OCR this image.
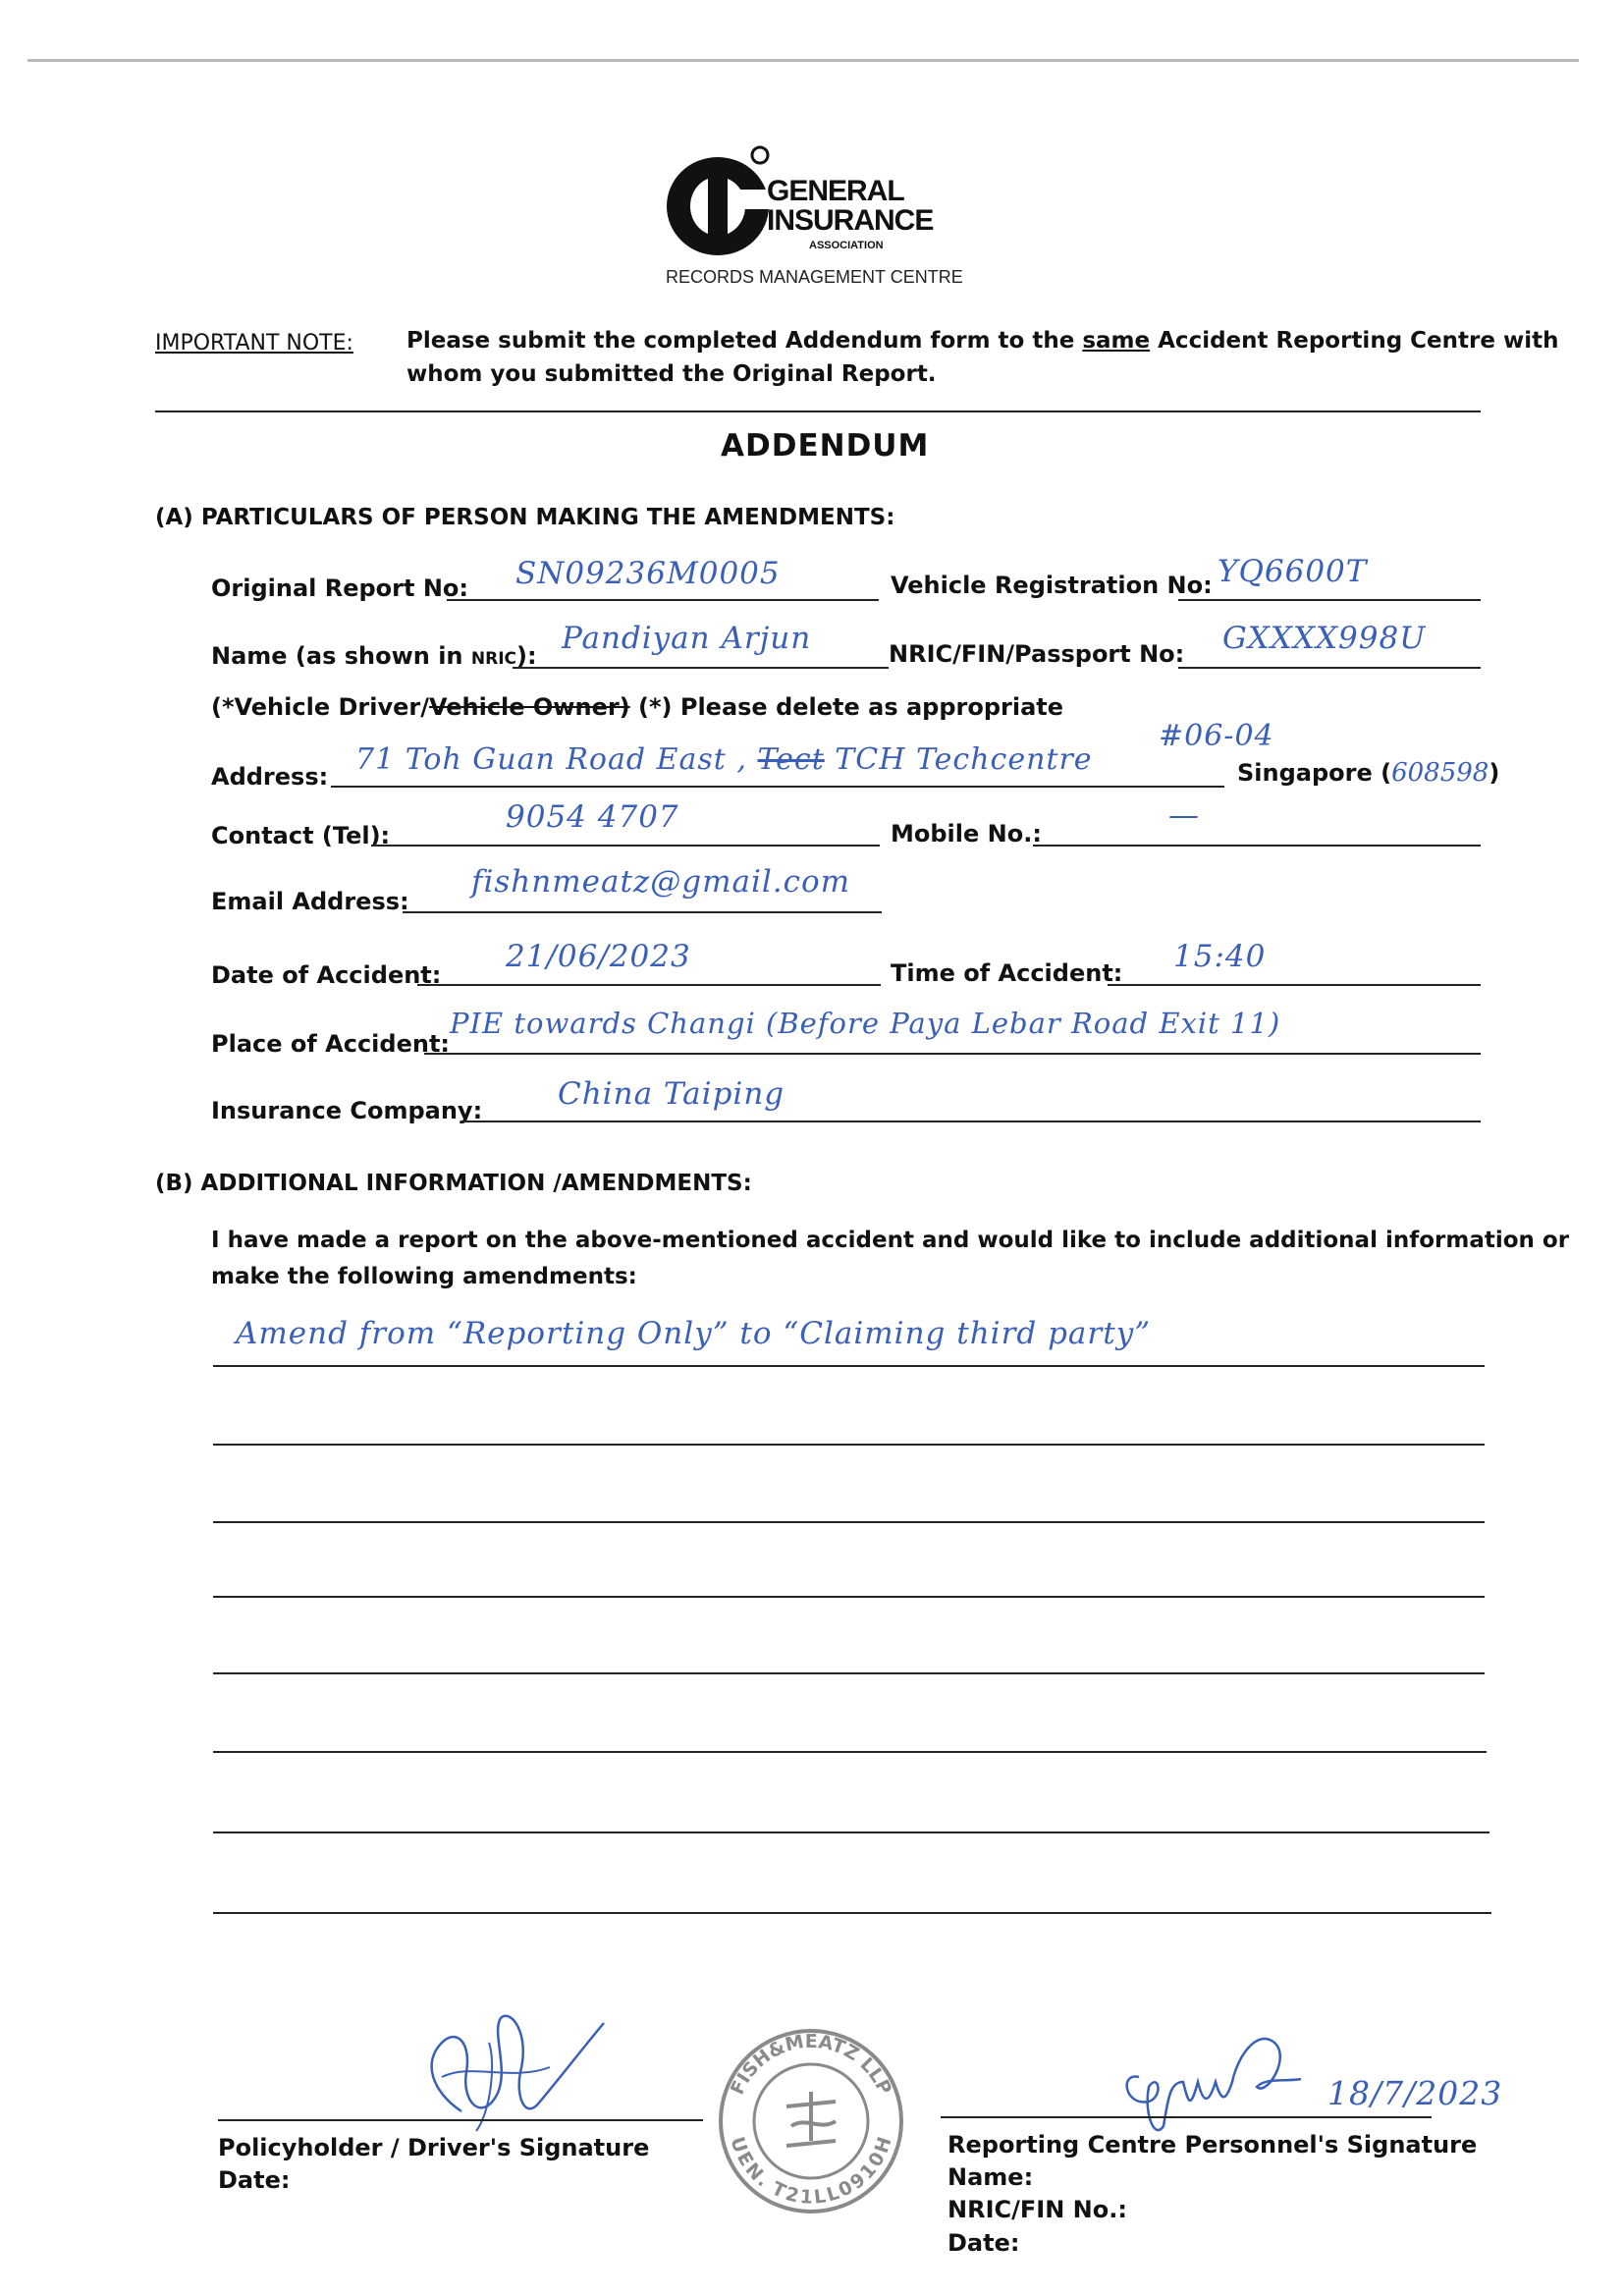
GENERAL
INSURANCE
ASSOCIATION
RECORDS MANAGEMENT CENTRE
IMPORTANT NOTE: Please submit the completed Addendum form to the same Accident Reporting Centre with
whom you submitted the Original Report.
ADDENDUM
(A) PARTICULARS OF PERSON MAKING THE AMENDMENTS:
Original Report No: SN09236M0005	Vehicle Registration No: YQ6600T
Name (as shown in NRIC): Pandiyan Arjun	NRIC/FIN/Passport No: GXXXX998U
(*Vehicle Driver/Vehicle Owner) (*) Please delete as appropriate
Address: 71 Toh Guan Road East , Tect TCH Techcentre
#06-04
Singapore (608598)
Contact (Tel):
9054 4707	Mobile No.:
—
Email Address:
fishnmeatz@gmail.com
Date of Accident:
21/06/2023	Time of Accident: 15:40
Place of Accident:
PIE towards Changi (Before Paya Lebar Road Exit 11)
Insurance Company: China Taiping
(B) ADDITIONAL INFORMATION /AMENDMENTS:
I have made a report on the above-mentioned accident and would like to include additional information or
make the following amendments:
Amend from “Reporting Only” to “Claiming third party”
Policyholder / Driver's Signature
Date:
FISH&MEATZ LLP
UEN. T21LL0910H
18/7/2023
Reporting Centre Personnel's Signature
Name:
NRIC/FIN No.:
Date:
